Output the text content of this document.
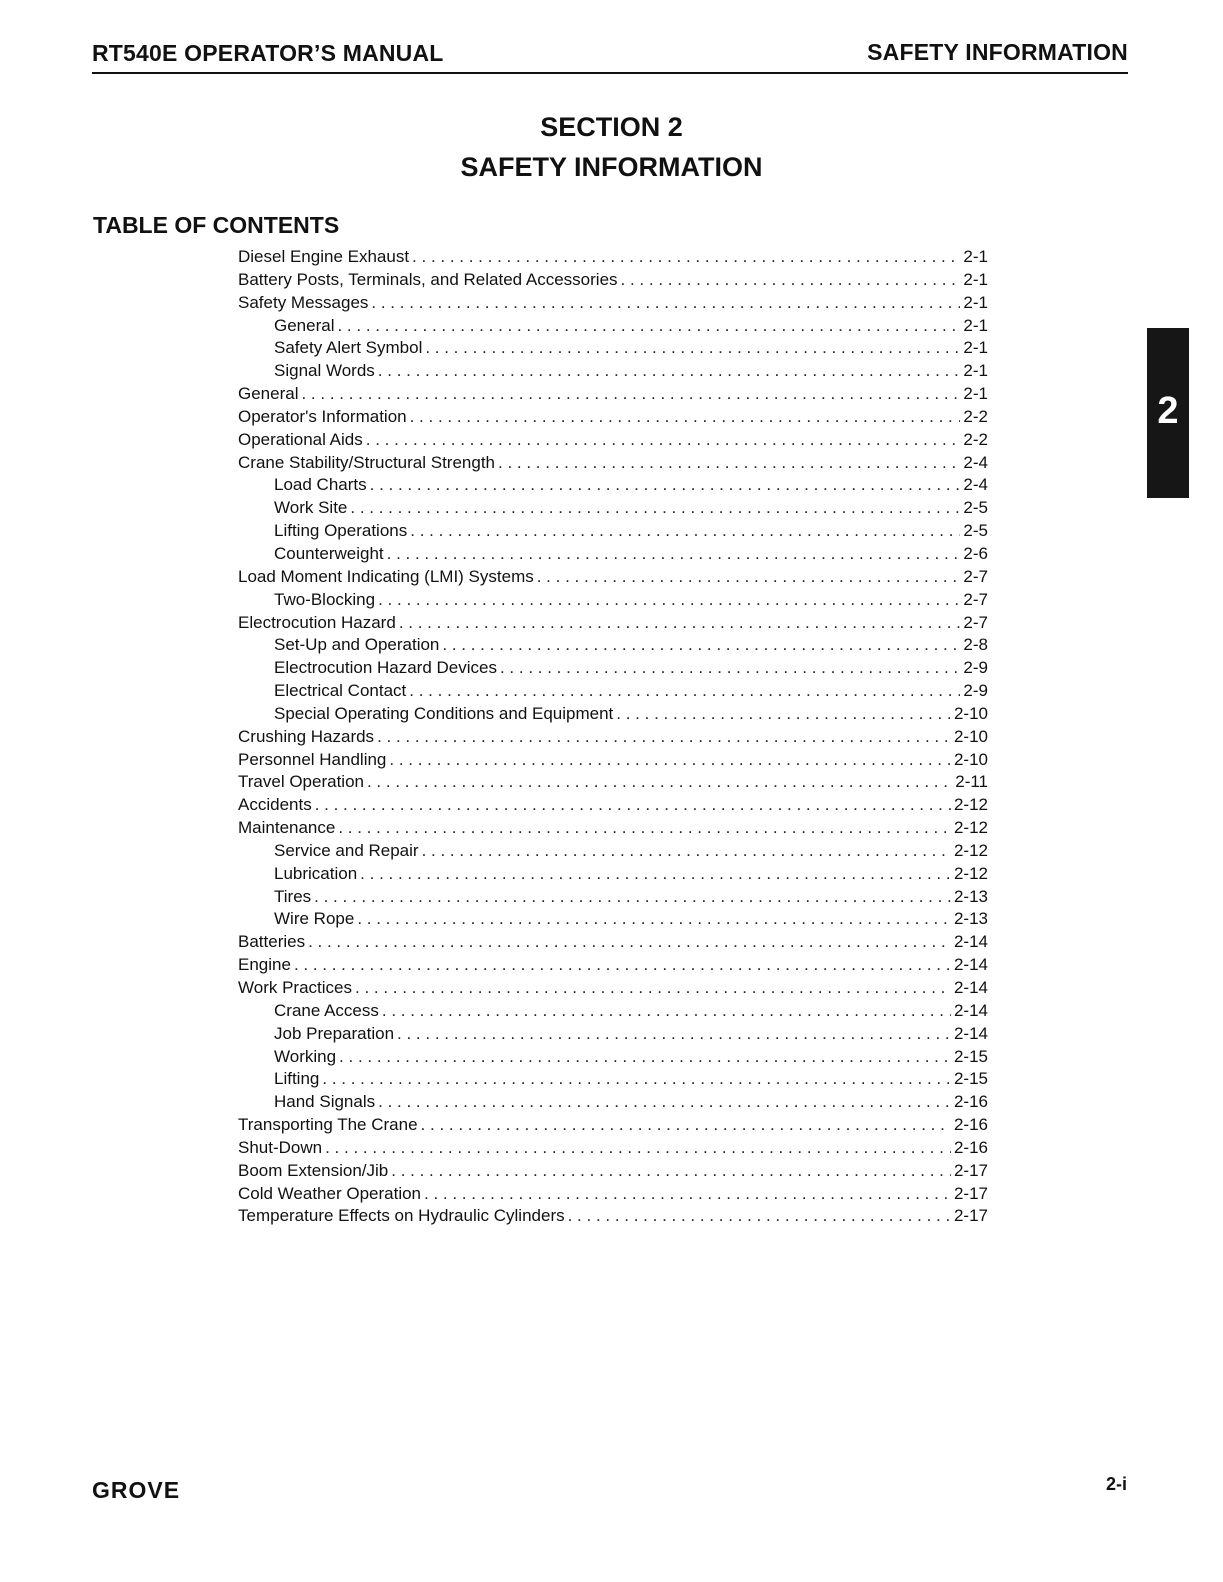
RT540E OPERATOR’S MANUAL	SAFETY INFORMATION
SECTION 2
SAFETY INFORMATION
TABLE OF CONTENTS
Diesel Engine Exhaust . . .	2-1
Battery Posts, Terminals, and Related Accessories . . .	2-1
Safety Messages . . .	2-1
General . . .	2-1
Safety Alert Symbol . . .	2-1
Signal Words . . .	2-1
General . . .	2-1
Operator's Information . . .	2-2
Operational Aids . . .	2-2
Crane Stability/Structural Strength . . .	2-4
Load Charts . . .	2-4
Work Site . . .	2-5
Lifting Operations . . .	2-5
Counterweight . . .	2-6
Load Moment Indicating (LMI) Systems . . .	2-7
Two-Blocking . . .	2-7
Electrocution Hazard . . .	2-7
Set-Up and Operation . . .	2-8
Electrocution Hazard Devices . . .	2-9
Electrical Contact . . .	2-9
Special Operating Conditions and Equipment . . .	2-10
Crushing Hazards . . .	2-10
Personnel Handling . . .	2-10
Travel Operation . . .	2-11
Accidents . . .	2-12
Maintenance . . .	2-12
Service and Repair . . .	2-12
Lubrication . . .	2-12
Tires . . .	2-13
Wire Rope . . .	2-13
Batteries . . .	2-14
Engine . . .	2-14
Work Practices . . .	2-14
Crane Access . . .	2-14
Job Preparation . . .	2-14
Working . . .	2-15
Lifting . . .	2-15
Hand Signals . . .	2-16
Transporting The Crane . . .	2-16
Shut-Down . . .	2-16
Boom Extension/Jib . . .	2-17
Cold Weather Operation . . .	2-17
Temperature Effects on Hydraulic Cylinders . . .	2-17
2
GROVE	2-i
